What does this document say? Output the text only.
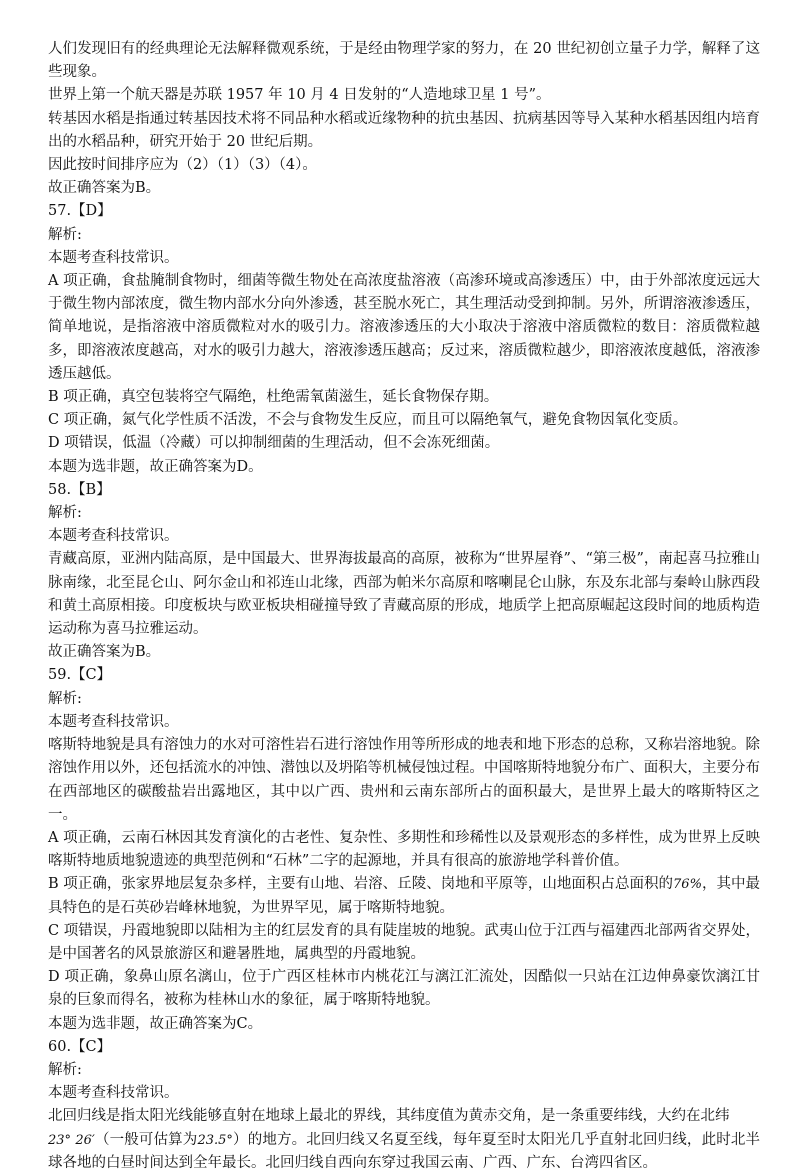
人们发现旧有的经典理论无法解释微观系统，于是经由物理学家的努力，在 20 世纪初创立量子力学，解释了这些现象。

世界上第一个航天器是苏联 1957 年 10 月 4 日发射的“人造地球卫星 1 号”。

转基因水稻是指通过转基因技术将不同品种水稻或近缘物种的抗虫基因、抗病基因等导入某种水稻基因组内培育出的水稻品种，研究开始于 20 世纪后期。

因此按时间排序应为（2）（1）（3）（4）。

故正确答案为B。

57.【D】

解析:

本题考查科技常识。

A 项正确，食盐腌制食物时，细菌等微生物处在高浓度盐溶液（高渗环境或高渗透压）中，由于外部浓度远远大于微生物内部浓度，微生物内部水分向外渗透，甚至脱水死亡，其生理活动受到抑制。另外，所谓溶液渗透压，简单地说，是指溶液中溶质微粒对水的吸引力。溶液渗透压的大小取决于溶液中溶质微粒的数目：溶质微粒越多，即溶液浓度越高，对水的吸引力越大，溶液渗透压越高；反过来，溶质微粒越少，即溶液浓度越低，溶液渗透压越低。

B 项正确，真空包装将空气隔绝，杜绝需氧菌滋生，延长食物保存期。

C 项正确，氮气化学性质不活泼，不会与食物发生反应，而且可以隔绝氧气，避免食物因氧化变质。

D 项错误，低温（冷藏）可以抑制细菌的生理活动，但不会冻死细菌。

本题为选非题，故正确答案为D。

58.【B】

解析:

本题考查科技常识。

青藏高原，亚洲内陆高原，是中国最大、世界海拔最高的高原，被称为“世界屋脊”、“第三极”，南起喜马拉雅山脉南缘，北至昆仑山、阿尔金山和祁连山北缘，西部为帕米尔高原和喀喇昆仑山脉，东及东北部与秦岭山脉西段和黄土高原相接。印度板块与欧亚板块相碰撞导致了青藏高原的形成，地质学上把高原崛起这段时间的地质构造运动称为喜马拉雅运动。

故正确答案为B。

59.【C】

解析:

本题考查科技常识。

喀斯特地貌是具有溶蚀力的水对可溶性岩石进行溶蚀作用等所形成的地表和地下形态的总称，又称岩溶地貌。除溶蚀作用以外，还包括流水的冲蚀、潜蚀以及坍陷等机械侵蚀过程。中国喀斯特地貌分布广、面积大，主要分布在西部地区的碳酸盐岩出露地区，其中以广西、贵州和云南东部所占的面积最大，是世界上最大的喀斯特区之一。

A 项正确，云南石林因其发育演化的古老性、复杂性、多期性和珍稀性以及景观形态的多样性，成为世界上反映喀斯特地质地貌遗迹的典型范例和“石林”二字的起源地，并具有很高的旅游地学科普价值。

B 项正确，张家界地层复杂多样，主要有山地、岩溶、丘陵、岗地和平原等，山地面积占总面积的76%，其中最具特色的是石英砂岩峰林地貌，为世界罕见，属于喀斯特地貌。

C 项错误，丹霞地貌即以陆相为主的红层发育的具有陡崖坡的地貌。武夷山位于江西与福建西北部两省交界处，是中国著名的风景旅游区和避暑胜地，属典型的丹霞地貌。

D 项正确，象鼻山原名漓山，位于广西区桂林市内桃花江与漓江汇流处，因酷似一只站在江边伸鼻豪饮漓江甘泉的巨象而得名，被称为桂林山水的象征，属于喀斯特地貌。

本题为选非题，故正确答案为C。

60.【C】

解析:

本题考查科技常识。

北回归线是指太阳光线能够直射在地球上最北的界线，其纬度值为黄赤交角，是一条重要纬线，大约在北纬
23° 26′（一般可估算为23.5°）的地方。北回归线又名夏至线，每年夏至时太阳光几乎直射北回归线，此时北半球各地的白昼时间达到全年最长。北回归线自西向东穿过我国云南、广西、广东、台湾四省区。
